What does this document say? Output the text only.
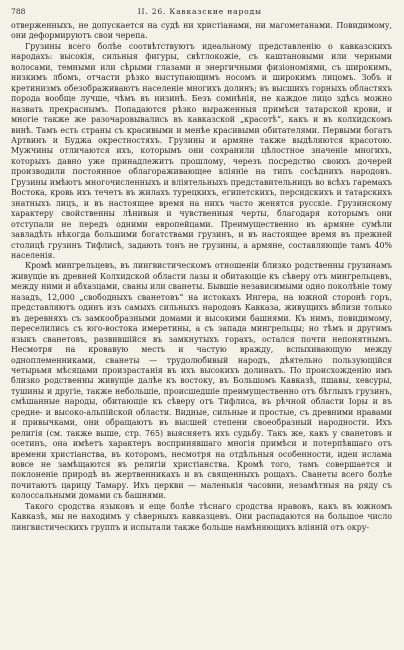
788	II. 26. Кавказские народы

отверженныхъ, не допускается на судѣ ни христіанами, ни магометанами. Повидимому, они деформируютъ свои черепа.

Грузины всего болѣе соотвѣтствуютъ идеальному представленію о кавказскихъ народахъ: высокія, сильныя фигуры, свѣтлокожіе, съ каштановыми или черными волосами, темными или сѣрыми глазами и энергичными физіономіями, съ широкимъ, низкимъ лбомъ, отчасти рѣзко выступающимъ носомъ и широкимъ лицомъ. Зобъ и кретинизмъ обезображиваютъ населеніе многихъ долинъ; въ высшихъ горныхъ областяхъ порода вообще лучше, чѣмъ въ низинѣ. Безъ сомнѣнія, не каждое лицо здѣсь можно назвать прекраснымъ. Попадаются рѣзко выраженныя примѣси татарской крови, и многіе также же разочаровывались въ кавказской „красотѣ“, какъ и въ колхидскомъ винѣ. Тамъ есть страны съ красивыми и менѣе красивыми обитателями. Первыми богатъ Артвинъ и Буджа окрестностяхъ. Грузины и армяне также выдѣляются красотою. Мужчины отличаются ихъ, которымъ они сохранили цѣлостное значеніе многихъ, которыхъ давно уже принадлежитъ прошлому, черезъ посредство своихъ дочерей производили постоянное облагораживающее вліяніе на типъ сосѣднихъ народовъ. Грузины имѣютъ многочисленныхъ и вліятельныхъ представительницъ во всѣхъ гаремахъ Востока, кровь ихъ течетъ въ жилахъ турецкихъ, египетскихъ, персидскихъ и татарскихъ знатныхъ лицъ, и въ настоящее время на нихъ часто женятся русскіе. Грузинскому характеру свойственны лѣнивыя и чувственныя черты, благодаря которымъ они отступали не передъ одними европейцами. Преимущественно въ армяне сумѣли завладѣть нѣкогда большими богатствами грузинъ, и въ настоящее время въ прежней столицѣ грузинъ Тифлисѣ, задають тонъ не грузины, а армяне, составляющіе тамъ 40% населенія.

Кромѣ мингрельцевъ, въ лингвистическомъ отношеніи близко родственны грузинамъ живущіе въ древней Колхидской области лазы и обитающіе къ сѣверу отъ мингрельцевъ, между ними и абхазцами, сваны или сванеты. Бывшіе независимыми одно поколѣніе тому назадъ, 12,000 „свободныхъ сванетовъ“ на истокахъ Ингера, на южной сторонѣ горъ, представляютъ одинъ изъ самыхъ сильныхъ народовъ Кавказа, живущихъ вблизи только въ деревняхъ съ замкообразными домами и высокими башнями. Къ нимъ, повидимому, переселились съ юго-востока имеретины, а съ запада мингрельцы; но тѣмъ и другимъ языкъ сванетовъ, развившійся въ замкнутыхъ горахъ, остался почти непонятнымъ. Несмотря на кровавую месть и частую вражду, вспыхивающую между одноплеменниками, сванеты — трудолюбивый народъ, дѣятельно пользующійся четырьмя мѣсяцами произрастанія въ ихъ высокихъ долинахъ. По происхожденію имъ близко родственны живущіе далѣе къ востоку, въ Большомъ Кавказѣ, пшавы, хевсуры, тушины и другіе, также небольшіе, происшедшіе преимущественно отъ бѣглыхъ грузинъ, смѣшанные народы, обитающіе къ сѣверу отъ Тифлиса, въ рѣчной области Іоры и въ средне- и высоко-альпійской области. Видные, сильные и простые, съ древними нравами и привычками, они обращаютъ въ высшей степени своеобразный народности. Ихъ религія (см. также выше, стр. 765) выясняетъ ихъ судьбу. Такъ же, какъ у сванетовъ и осетинъ, она имѣетъ характеръ воспринявшаго многія примѣси и потерпѣвшаго отъ времени христіанства, въ которомъ, несмотря на отдѣльныя особенности, идеи ислама вовсе не замѣщаются въ религіи христіанства. Кромѣ того, тамъ совершается и поклоненіе природѣ въ жертвенникахъ и въ священныхъ рощахъ. Сванеты всего болѣе почитаютъ царицу Тамару. Ихъ церкви — маленькія часовни, незамѣтныя на ряду съ колоссальными домами съ башнями.

Такого сродства языковъ и еще болѣе тѣснаго сродства нравовъ, какъ въ южномъ Кавказѣ, мы не находимъ у сѣверныхъ кавказцевъ. Они распадаются на большое число лингвистическихъ группъ и испытали также больше намѣняющихъ вліяній отъ окру-
